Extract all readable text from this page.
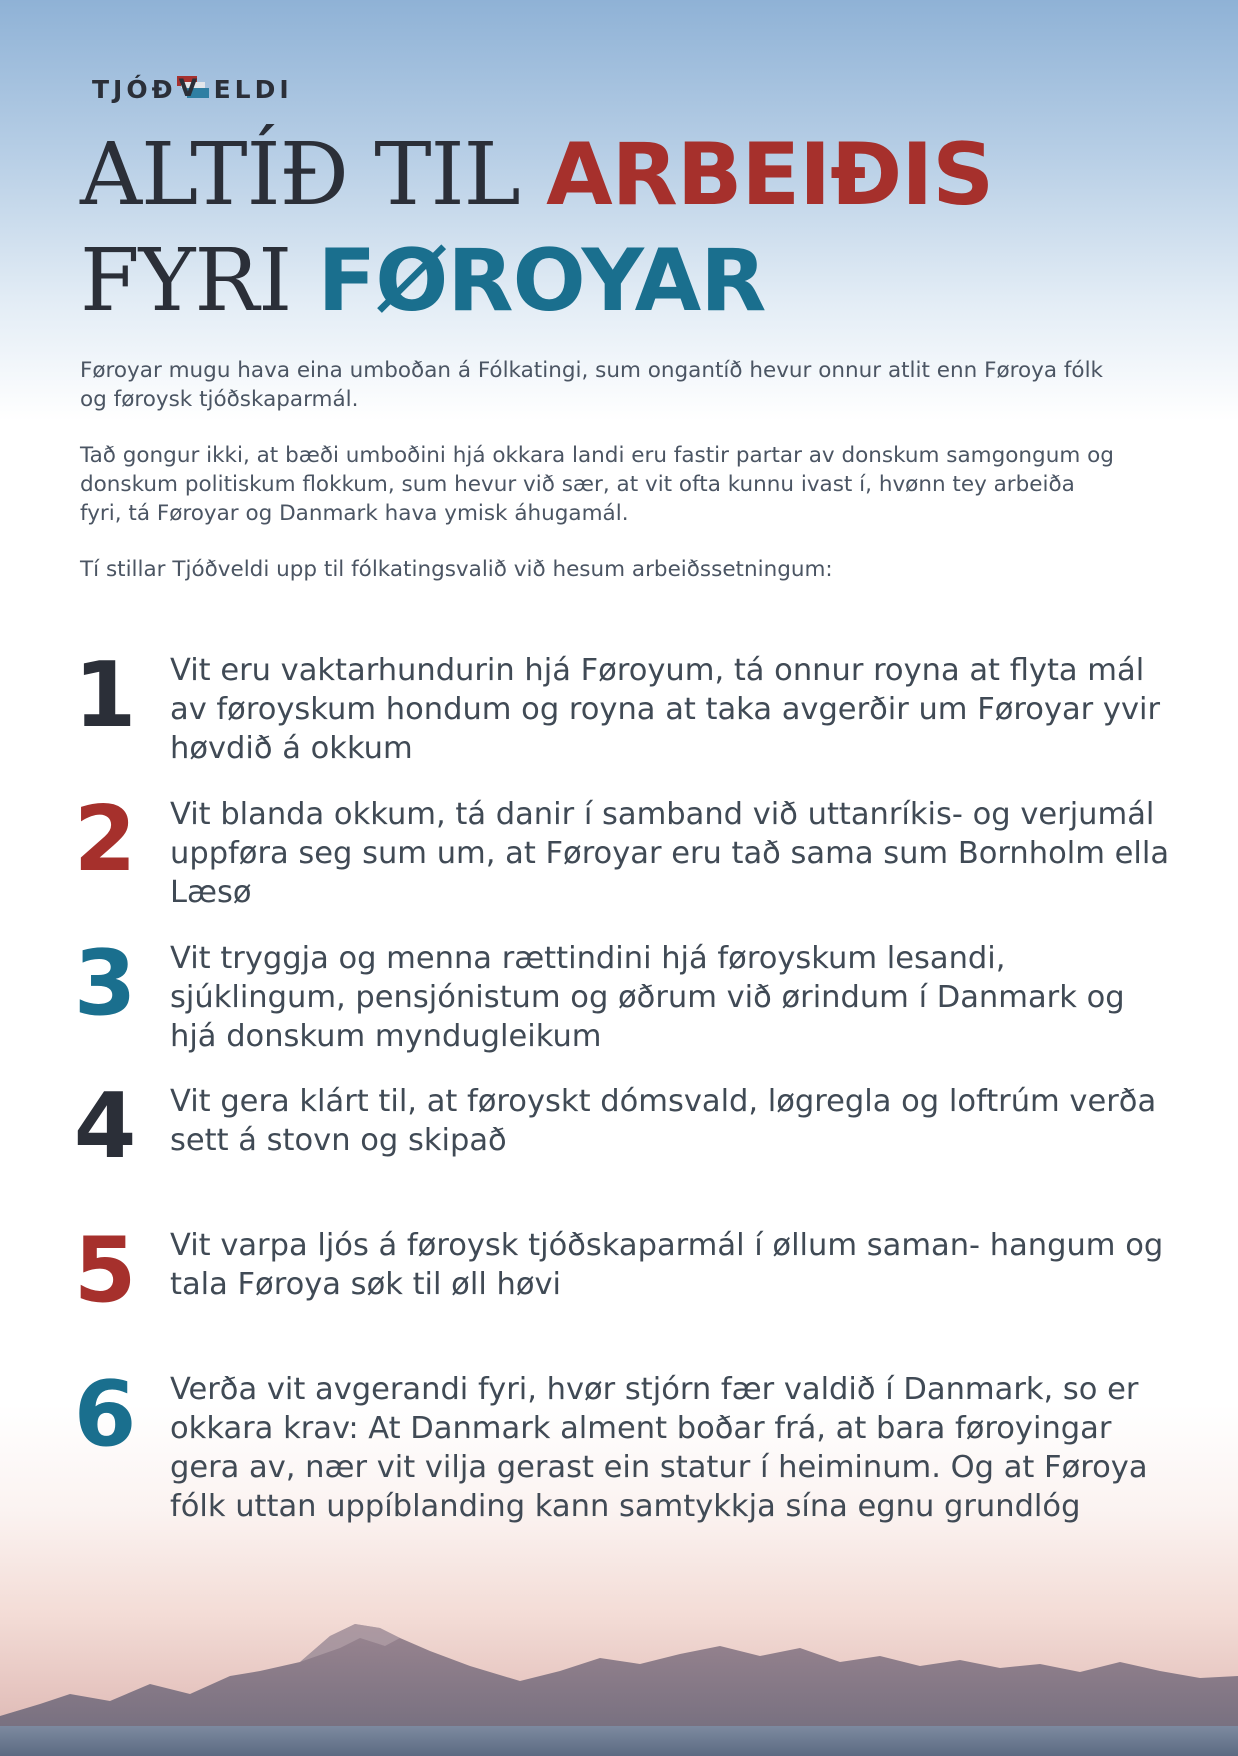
TJÓÐ V ELDI
ALTÍÐ TIL ARBEIÐIS
FYRI FØROYAR

Føroyar mugu hava eina umboðan á Fólkatingi, sum ongantíð hevur onnur atlit enn Føroya fólk og føroysk tjóðskaparmál.

Tað gongur ikki, at bæði umboðini hjá okkara landi eru fastir partar av donskum samgongum og donskum politiskum flokkum, sum hevur við sær, at vit ofta kunnu ivast í, hvønn tey arbeiða fyri, tá Føroyar og Danmark hava ymisk áhugamál.

Tí stillar Tjóðveldi upp til fólkatingsvalið við hesum arbeiðssetningum:

1 Vit eru vaktarhundurin hjá Føroyum, tá onnur royna at flyta mál av føroyskum hondum og royna at taka avgerðir um Føroyar yvir høvdið á okkum
2 Vit blanda okkum, tá danir í samband við uttanríkis- og verjumál uppføra seg sum um, at Føroyar eru tað sama sum Bornholm ella Læsø
3 Vit tryggja og menna rættindini hjá føroyskum lesandi, sjúklingum, pensjónistum og øðrum við ørindum í Danmark og hjá donskum myndugleikum
4 Vit gera klárt til, at føroyskt dómsvald, løgregla og loftrúm verða sett á stovn og skipað
5 Vit varpa ljós á føroysk tjóðskaparmál í øllum saman- hangum og tala Føroya søk til øll høvi
6 Verða vit avgerandi fyri, hvør stjórn fær valdið í Danmark, so er okkara krav: At Danmark alment boðar frá, at bara føroyingar gera av, nær vit vilja gerast ein statur í heiminum. Og at Føroya fólk uttan uppíblanding kann samtykkja sína egnu grundlóg
